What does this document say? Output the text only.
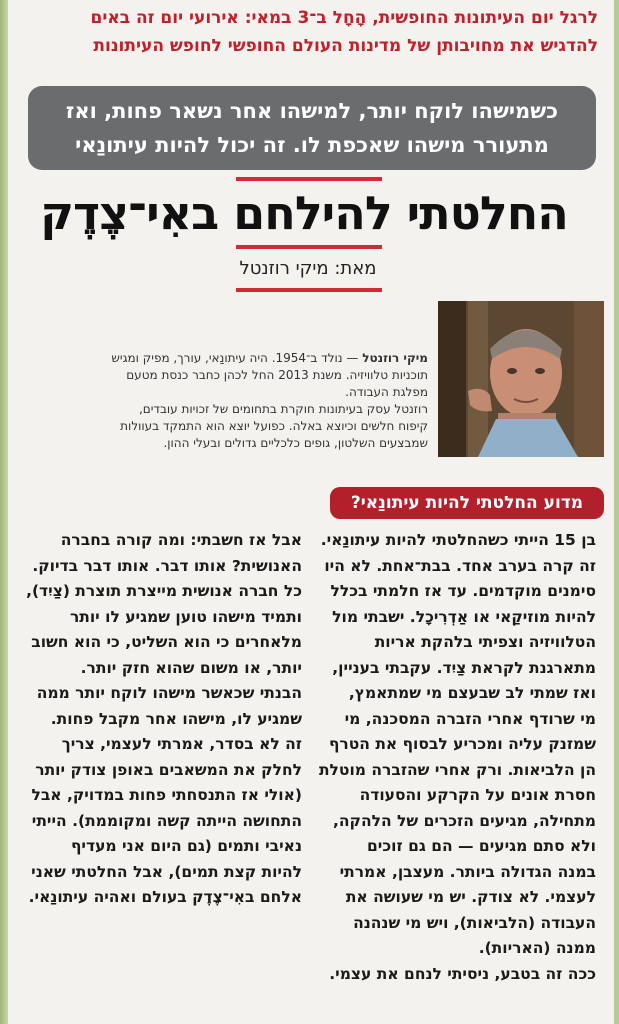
לרגל יום העיתונות החופשית, הָחָל ב־3 במאי: אירועי יום זה באים
להדגיש את מחויבותן של מדינות העולם החופשי לחופש העיתונות
כשמישהו לוקח יותר, למישהו אחר נשאר פחות, ואז
מתעורר מישהו שאכפת לו. זה יכול להיות עיתונַאי
החלטתי להילחם באִי־צֶדֶק
מאת: מיקי רוזנטל
מיקי רוזנטל — נולד ב־1954. היה עיתונַאי, עורך, מפיק ומגיש
תוכניות טלוויזיה. משנת 2013 החל לכהן כחבר כנסת מטעם
מפלגת העבודה.
רוזנטל עסק בעיתונות חוקרת בתחומים של זכויות עובדים,
קיפוח חלשים וכיוצא באלה. כפועל יוצא הוא התמקד בעוולות
שמבצעים השלטון, גופים כלכליים גדולים ובעלי ההון.
מדוע החלטתי להיות עיתונַאי?
בן 15 הייתי כשהחלטתי להיות עיתונַאי.
זה קרה בערב אחד. בבת־אחת. לא היו
סימנים מוקדמים. עד אז חלמתי בכלל
להיות מוזיקַאי או אַדְרִיכָל. ישבתי מול
הטלוויזיה וצפיתי בלהקת אריות
מתארגנת לקראת צַיִד. עקבתי בעניין,
ואז שמתי לב שבעצם מי שמתאמץ,
מי שרודף אחרי הזברה המסכנה, מי
שמזנק עליה ומכריע לבסוף את הטרף
הן הלביאות. ורק אחרי שהזברה מוטלת
חסרת אונים על הקרקע והסעודה
מתחילה, מגיעים הזכרים של הלהקה,
ולא סתם מגיעים — הם גם זוכים
במנה הגדולה ביותר. מעצבן, אמרתי
לעצמי. לא צודק. יש מי שעושה את
העבודה (הלביאות), ויש מי שנהנה
ממנה (האריות).
ככה זה בטבע, ניסיתי לנחם את עצמי.
אבל אז חשבתי: ומה קורה בחברה
האנושית? אותו דבר. אותו דבר בדיוק.
כל חברה אנושית מייצרת תוצרת (צַיִד),
ותמיד מישהו טוען שמגיע לו יותר
מלאחרים כי הוא השליט, כי הוא חשוב
יותר, או משום שהוא חזק יותר.
הבנתי שכאשר מישהו לוקח יותר ממה
שמגיע לו, מישהו אחר מקבל פחות.
זה לא בסדר, אמרתי לעצמי, צריך
לחלק את המשאבים באופן צודק יותר
(אולי אז התנסחתי פחות במדויק, אבל
התחושה הייתה קשה ומקוממת). הייתי
נאיבי ותמים (גם היום אני מעדיף
להיות קצת תמים), אבל החלטתי שאני
אלחם באִי־צֶדֶק בעולם ואהיה עיתונַאי.
